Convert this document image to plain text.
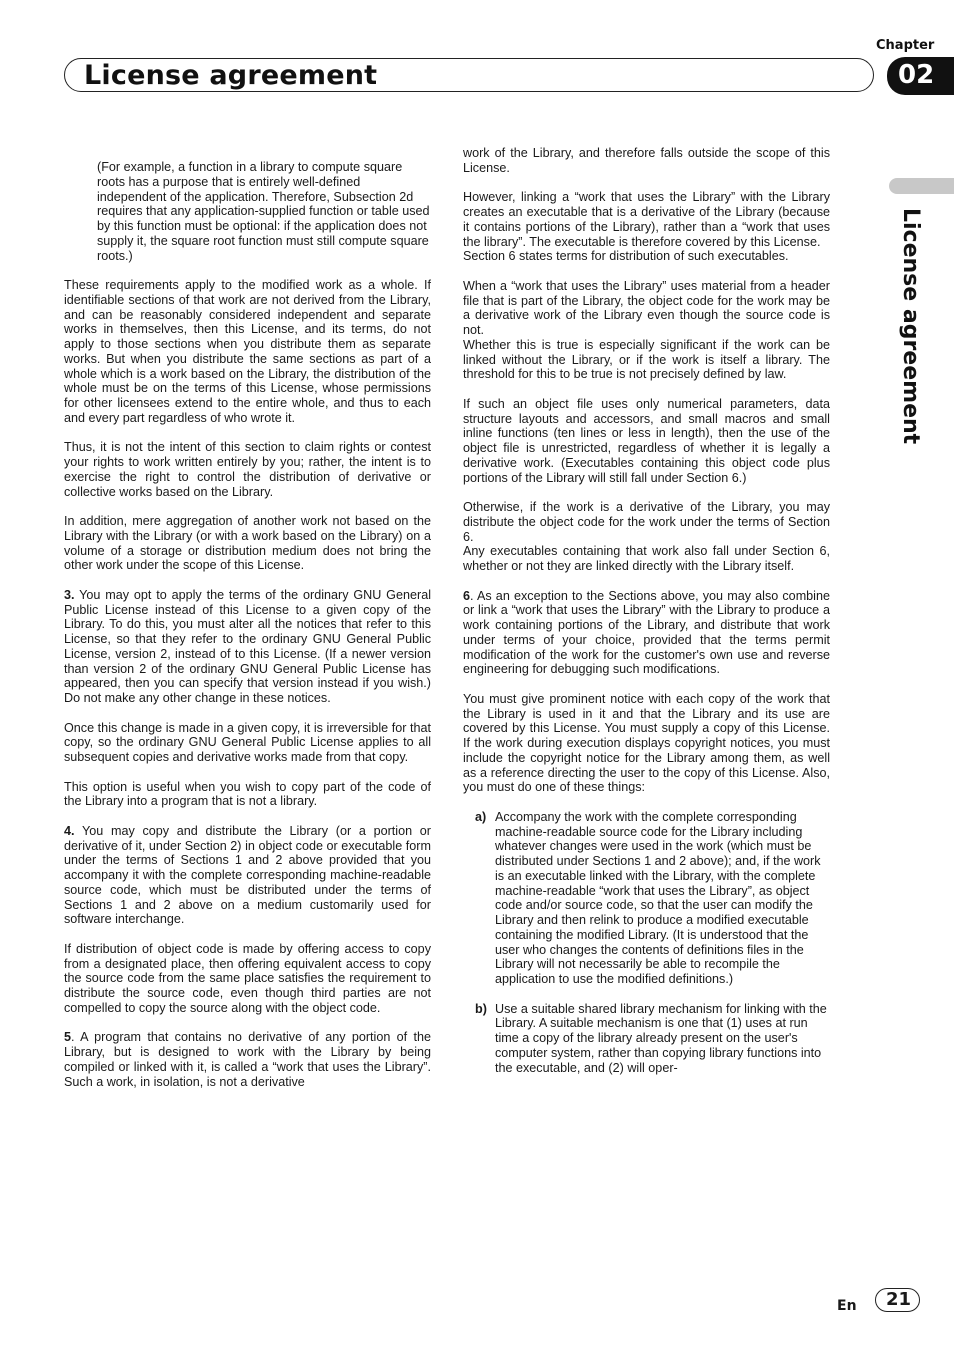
Chapter
License agreement	02
License agreement

(For example, a function in a library to compute square roots has a purpose that is entirely well-defined independent of the application. Therefore, Subsection 2d requires that any application-supplied function or table used by this function must be optional: if the application does not supply it, the square root function must still compute square roots.)

These requirements apply to the modified work as a whole. If identifiable sections of that work are not derived from the Library, and can be reasonably considered independent and separate works in themselves, then this License, and its terms, do not apply to those sections when you distribute them as separate works. But when you distribute the same sections as part of a whole which is a work based on the Library, the distribution of the whole must be on the terms of this License, whose permissions for other licensees extend to the entire whole, and thus to each and every part regardless of who wrote it.

Thus, it is not the intent of this section to claim rights or contest your rights to work written entirely by you; rather, the intent is to exercise the right to control the distribution of derivative or collective works based on the Library.

In addition, mere aggregation of another work not based on the Library with the Library (or with a work based on the Library) on a volume of a storage or distribution medium does not bring the other work under the scope of this License.

3. You may opt to apply the terms of the ordinary GNU General Public License instead of this License to a given copy of the Library. To do this, you must alter all the notices that refer to this License, so that they refer to the ordinary GNU General Public License, version 2, instead of to this License. (If a newer version than version 2 of the ordinary GNU General Public License has appeared, then you can specify that version instead if you wish.) Do not make any other change in these notices.

Once this change is made in a given copy, it is irreversible for that copy, so the ordinary GNU General Public License applies to all subsequent copies and derivative works made from that copy.

This option is useful when you wish to copy part of the code of the Library into a program that is not a library.

4. You may copy and distribute the Library (or a portion or derivative of it, under Section 2) in object code or executable form under the terms of Sections 1 and 2 above provided that you accompany it with the complete corresponding machine-readable source code, which must be distributed under the terms of Sections 1 and 2 above on a medium customarily used for software interchange.

If distribution of object code is made by offering access to copy from a designated place, then offering equivalent access to copy the source code from the same place satisfies the requirement to distribute the source code, even though third parties are not compelled to copy the source along with the object code.

5. A program that contains no derivative of any portion of the Library, but is designed to work with the Library by being compiled or linked with it, is called a “work that uses the Library”. Such a work, in isolation, is not a derivative

work of the Library, and therefore falls outside the scope of this License.

However, linking a “work that uses the Library” with the Library creates an executable that is a derivative of the Library (because it contains portions of the Library), rather than a “work that uses the library”. The executable is therefore covered by this License.

Section 6 states terms for distribution of such executables.

When a “work that uses the Library” uses material from a header file that is part of the Library, the object code for the work may be a derivative work of the Library even though the source code is not.

Whether this is true is especially significant if the work can be linked without the Library, or if the work is itself a library. The threshold for this to be true is not precisely defined by law.

If such an object file uses only numerical parameters, data structure layouts and accessors, and small macros and small inline functions (ten lines or less in length), then the use of the object file is unrestricted, regardless of whether it is legally a derivative work. (Executables containing this object code plus portions of the Library will still fall under Section 6.)

Otherwise, if the work is a derivative of the Library, you may distribute the object code for the work under the terms of Section 6.

Any executables containing that work also fall under Section 6, whether or not they are linked directly with the Library itself.

6. As an exception to the Sections above, you may also combine or link a “work that uses the Library” with the Library to produce a work containing portions of the Library, and distribute that work under terms of your choice, provided that the terms permit modification of the work for the customer's own use and reverse engineering for debugging such modifications.

You must give prominent notice with each copy of the work that the Library is used in it and that the Library and its use are covered by this License. You must supply a copy of this License. If the work during execution displays copyright notices, you must include the copyright notice for the Library among them, as well as a reference directing the user to the copy of this License. Also, you must do one of these things:

a) Accompany the work with the complete corresponding machine-readable source code for the Library including whatever changes were used in the work (which must be distributed under Sections 1 and 2 above); and, if the work is an executable linked with the Library, with the complete machine-readable “work that uses the Library”, as object code and/or source code, so that the user can modify the Library and then relink to produce a modified executable containing the modified Library. (It is understood that the user who changes the contents of definitions files in the Library will not necessarily be able to recompile the application to use the modified definitions.)
b) Use a suitable shared library mechanism for linking with the Library. A suitable mechanism is one that (1) uses at run time a copy of the library already present on the user's computer system, rather than copying library functions into the executable, and (2) will oper-
En 21
